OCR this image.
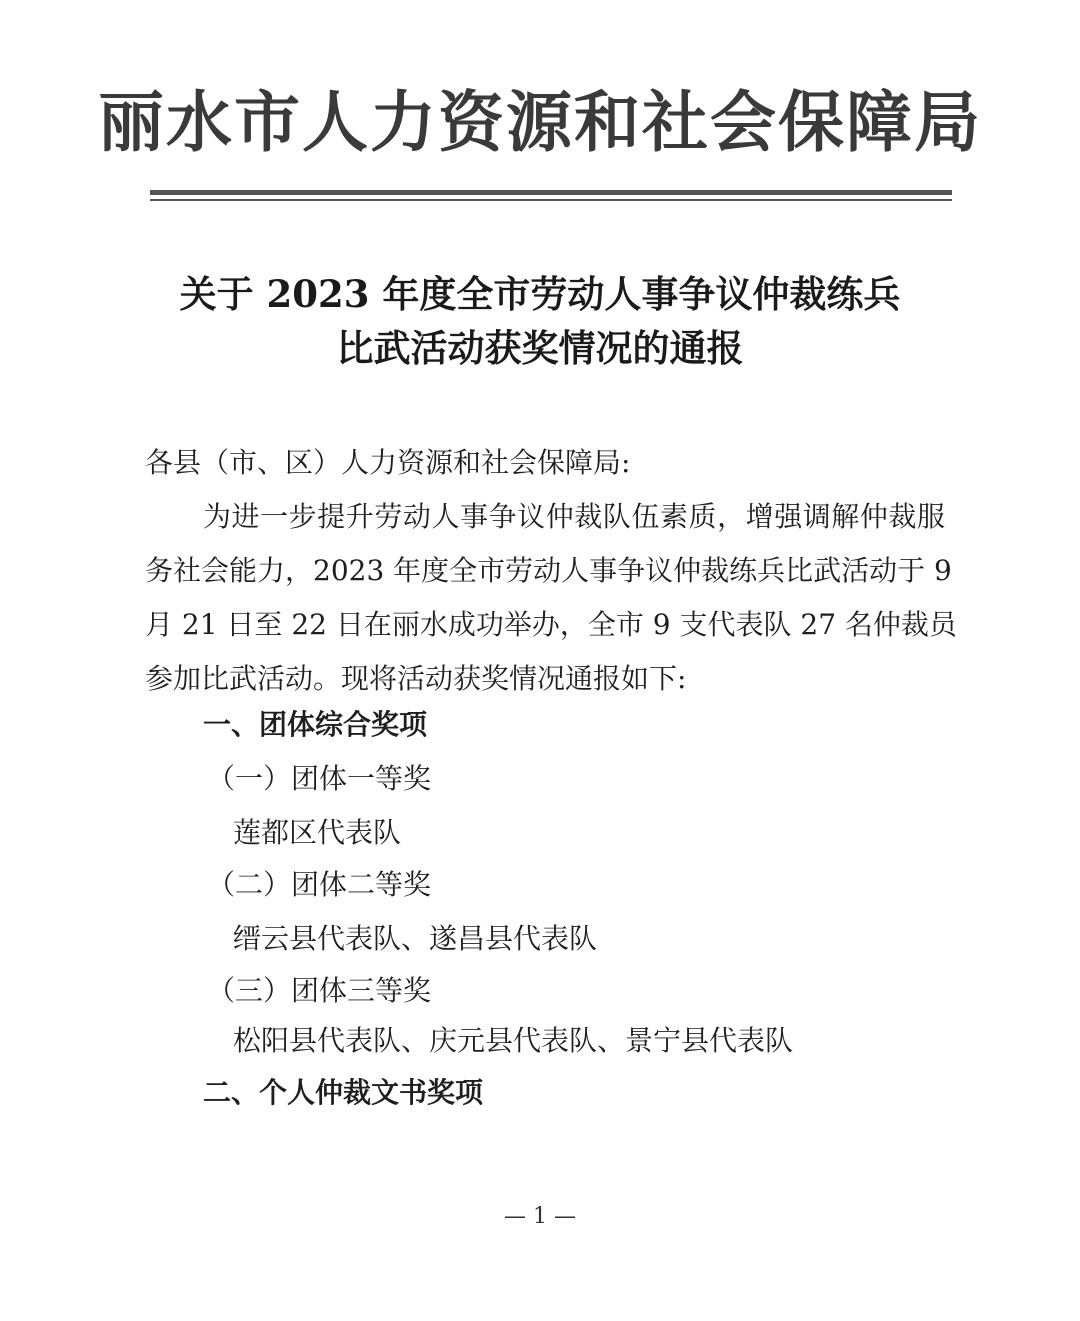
丽水市人力资源和社会保障局
关于 2023 年度全市劳动人事争议仲裁练兵
比武活动获奖情况的通报
各县（市、区）人力资源和社会保障局:
为进一步提升劳动人事争议仲裁队伍素质，增强调解仲裁服
务社会能力，2023 年度全市劳动人事争议仲裁练兵比武活动于 9
月 21 日至 22 日在丽水成功举办，全市 9 支代表队 27 名仲裁员
参加比武活动。现将活动获奖情况通报如下:
一、团体综合奖项
（一）团体一等奖
莲都区代表队
（二）团体二等奖
缙云县代表队、遂昌县代表队
（三）团体三等奖
松阳县代表队、庆元县代表队、景宁县代表队
二、个人仲裁文书奖项
— 1 —
